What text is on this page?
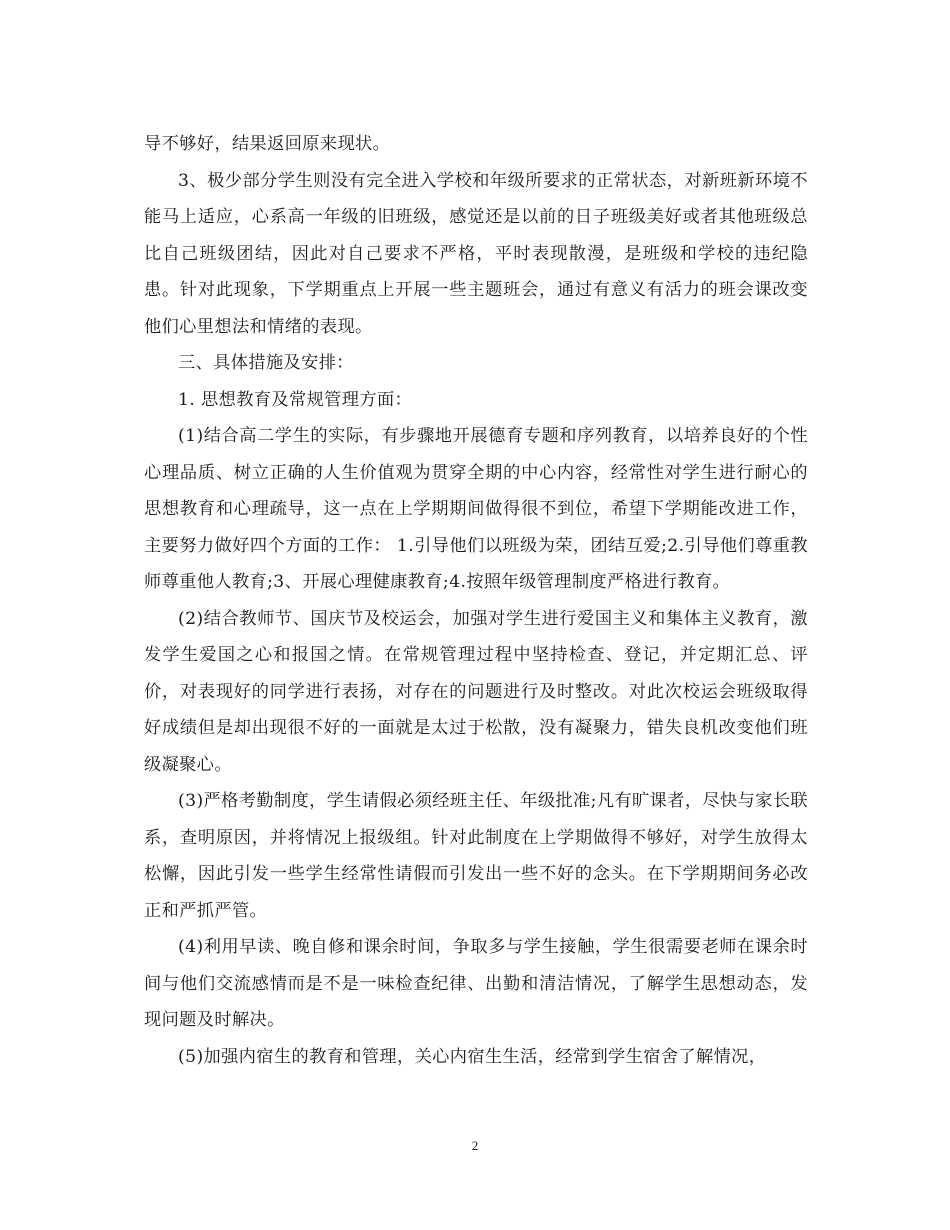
导不够好，结果返回原来现状。

3、极少部分学生则没有完全进入学校和年级所要求的正常状态，对新班新环境不能马上适应，心系高一年级的旧班级，感觉还是以前的日子班级美好或者其他班级总比自己班级团结，因此对自己要求不严格，平时表现散漫，是班级和学校的违纪隐患。针对此现象，下学期重点上开展一些主题班会，通过有意义有活力的班会课改变他们心里想法和情绪的表现。

三、具体措施及安排：

1. 思想教育及常规管理方面：

(1)结合高二学生的实际，有步骤地开展德育专题和序列教育，以培养良好的个性心理品质、树立正确的人生价值观为贯穿全期的中心内容，经常性对学生进行耐心的思想教育和心理疏导，这一点在上学期期间做得很不到位，希望下学期能改进工作，主要努力做好四个方面的工作： 1.引导他们以班级为荣，团结互爱;2.引导他们尊重教师尊重他人教育;3、开展心理健康教育;4.按照年级管理制度严格进行教育。

(2)结合教师节、国庆节及校运会，加强对学生进行爱国主义和集体主义教育，激发学生爱国之心和报国之情。在常规管理过程中坚持检查、登记，并定期汇总、评价，对表现好的同学进行表扬，对存在的问题进行及时整改。对此次校运会班级取得好成绩但是却出现很不好的一面就是太过于松散，没有凝聚力，错失良机改变他们班级凝聚心。

(3)严格考勤制度，学生请假必须经班主任、年级批准;凡有旷课者，尽快与家长联系，查明原因，并将情况上报级组。针对此制度在上学期做得不够好，对学生放得太松懈，因此引发一些学生经常性请假而引发出一些不好的念头。在下学期期间务必改正和严抓严管。

(4)利用早读、晚自修和课余时间，争取多与学生接触，学生很需要老师在课余时间与他们交流感情而是不是一味检查纪律、出勤和清洁情况，了解学生思想动态，发现问题及时解决。

(5)加强内宿生的教育和管理，关心内宿生生活，经常到学生宿舍了解情况，

2
